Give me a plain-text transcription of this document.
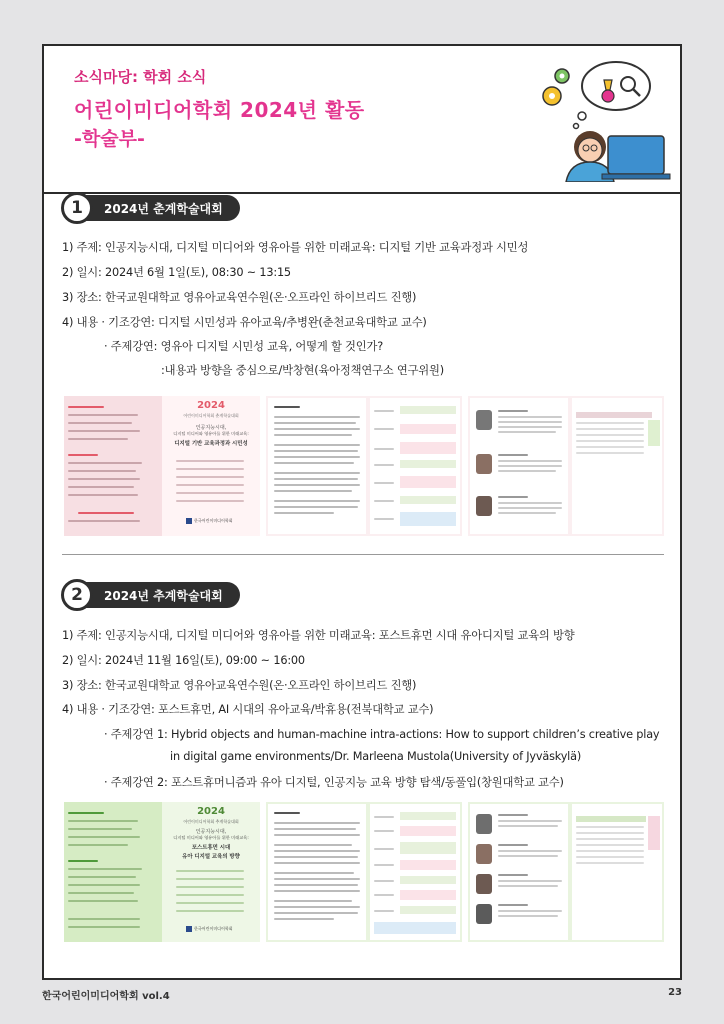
소식마당: 학회 소식
어린이미디어학회 2024년 활동
-학술부-
1	2024년 춘계학술대회
1) 주제: 인공지능시대, 디지털 미디어와 영유아를 위한 미래교육: 디지털 기반 교육과정과 시민성
2) 일시: 2024년 6월 1일(토), 08:30 ~ 13:15
3) 장소: 한국교원대학교 영유아교육연수원(온·오프라인 하이브리드 진행)
4) 내용 · 기조강연: 디지털 시민성과 유아교육/추병완(춘천교육대학교 교수)
· 주제강연: 영유아 디지털 시민성 교육, 어떻게 할 것인가?
:내용과 방향을 중심으로/박창현(육아정책연구소 연구위원)
2024
어린이미디어학회 춘계학술대회
인공지능시대,
디지털 미디어와 영유아를 위한 미래교육:
디지털 기반 교육과정과 시민성
한국어린이미디어학회
2	2024년 추계학술대회
1) 주제: 인공지능시대, 디지털 미디어와 영유아를 위한 미래교육: 포스트휴먼 시대 유아디지털 교육의 방향
2) 일시: 2024년 11월 16일(토), 09:00 ~ 16:00
3) 장소: 한국교원대학교 영유아교육연수원(온·오프라인 하이브리드 진행)
4) 내용 · 기조강연: 포스트휴먼, AI 시대의 유아교육/박휴용(전북대학교 교수)
· 주제강연 1: Hybrid objects and human-machine intra-actions: How to support children’s creative play
in digital game environments/Dr. Marleena Mustola(University of Jyväskylä)
· 주제강연 2: 포스트휴머니즘과 유아 디지털, 인공지능 교육 방향 탐색/동풀입(창원대학교 교수)
2024
어린이미디어학회 추계학술대회
인공지능시대,
디지털 미디어와 영유아를 위한 미래교육:
포스트휴먼 시대
유아 디지털 교육의 방향
한국어린이미디어학회
한국어린이미디어학회 vol.4	23
